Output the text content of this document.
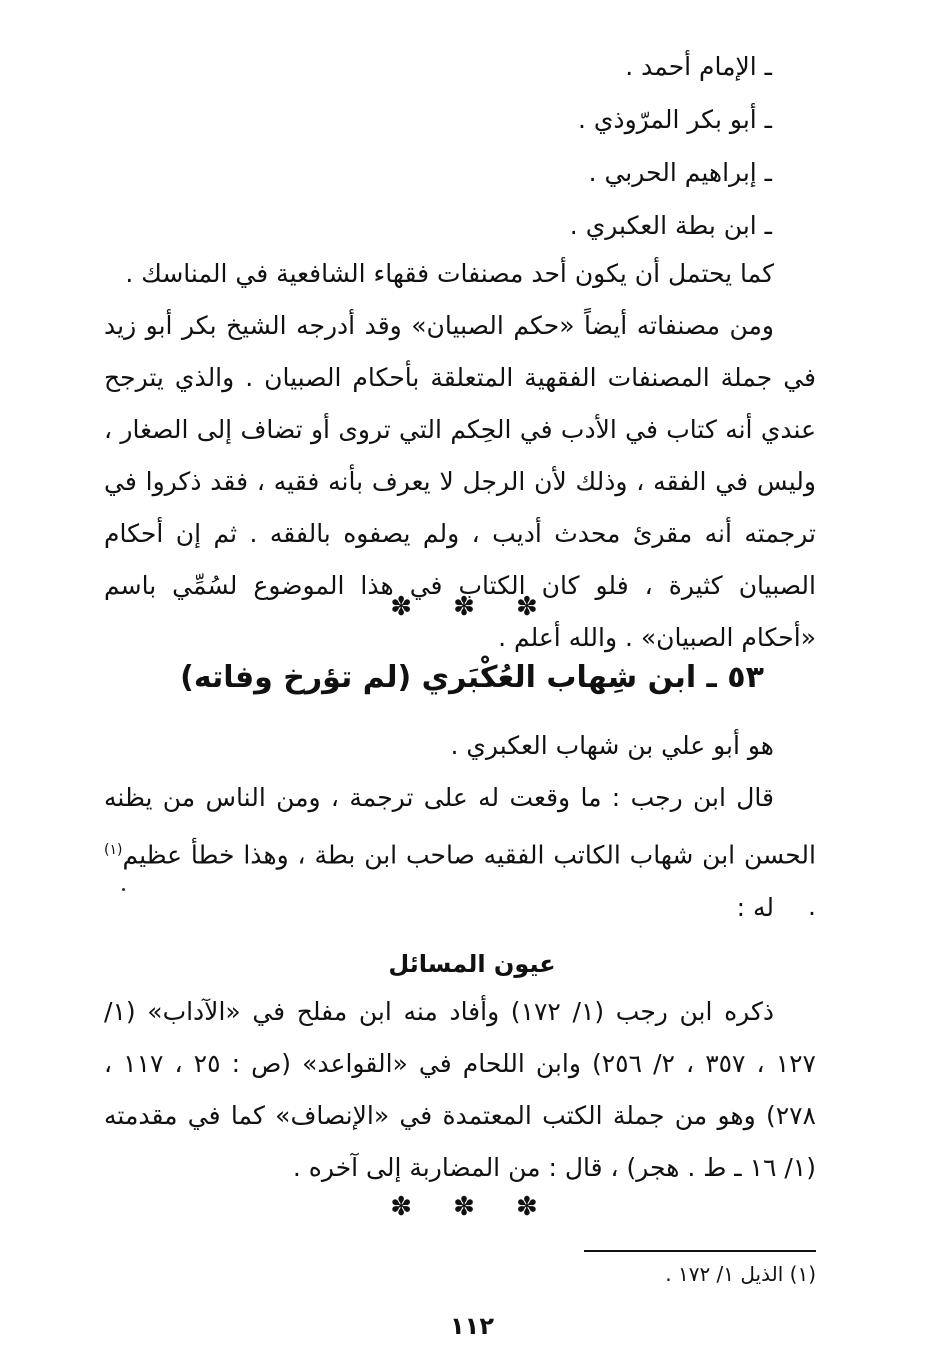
ـ الإمام أحمد .
ـ أبو بكر المرّوذي .
ـ إبراهيم الحربي .
ـ ابن بطة العكبري .

كما يحتمل أن يكون أحد مصنفات فقهاء الشافعية في المناسك .

ومن مصنفاته أيضاً «حكم الصبيان» وقد أدرجه الشيخ بكر أبو زيد في جملة المصنفات الفقهية المتعلقة بأحكام الصبيان . والذي يترجح عندي أنه كتاب في الأدب في الحِكم التي تروى أو تضاف إلى الصغار ، وليس في الفقه ، وذلك لأن الرجل لا يعرف بأنه فقيه ، فقد ذكروا في ترجمته أنه مقرئ محدث أديب ، ولم يصفوه بالفقه . ثم إن أحكام الصبيان كثيرة ، فلو كان الكتاب في هذا الموضوع لسُمِّي باسم «أحكام الصبيان» . والله أعلم .

✽ ✽ ✽
٥٣ ـ ابن شِهاب العُكْبَري (لم تؤرخ وفاته)

هو أبو علي بن شهاب العكبري .

قال ابن رجب : ما وقعت له على ترجمة ، ومن الناس من يظنه الحسن ابن شهاب الكاتب الفقيه صاحب ابن بطة ، وهذا خطأ عظيم$^{(١)}$ .

له :

عيون المسائل

ذكره ابن رجب (١/ ١٧٢) وأفاد منه ابن مفلح في «الآداب» (١/ ١٢٧ ، ٣٥٧ ، ٢/ ٢٥٦) وابن اللحام في «القواعد» (ص : ٢٥ ، ١١٧ ، ٢٧٨) وهو من جملة الكتب المعتمدة في «الإنصاف» كما في مقدمته (١/ ١٦ ـ ط . هجر) ، قال : من المضاربة إلى آخره .

✽ ✽ ✽
(١) الذيل ١/ ١٧٢ .
١١٢
